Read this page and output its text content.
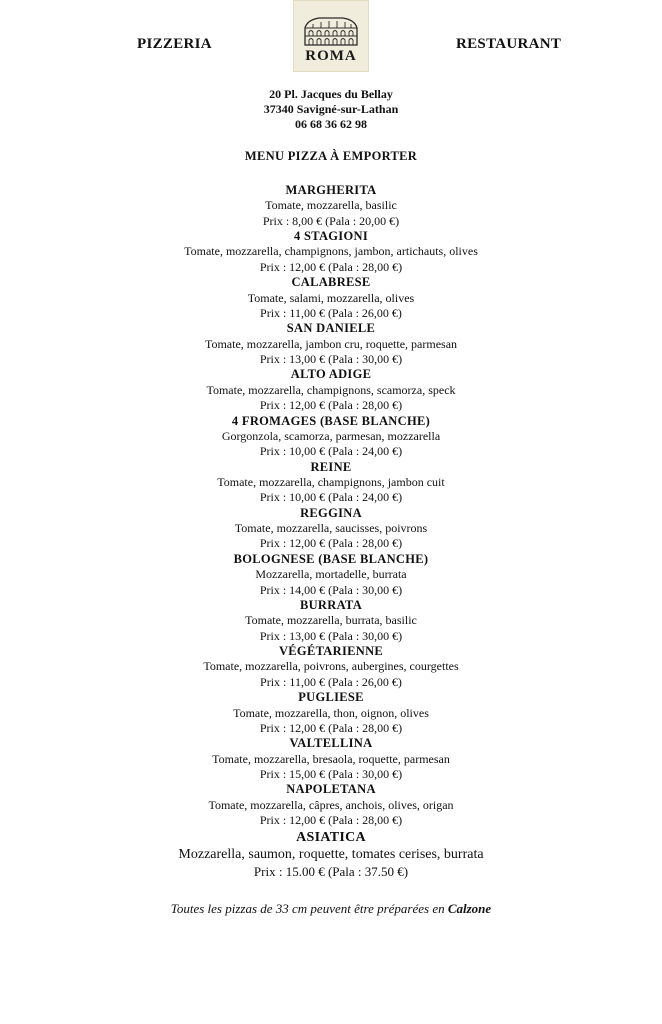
PIZZERIA
ROMA
RESTAURANT
20 Pl. Jacques du Bellay
37340 Savigné-sur-Lathan
06 68 36 62 98
MENU PIZZA À EMPORTER
MARGHERITA
Tomate, mozzarella, basilic
Prix : 8,00 € (Pala : 20,00 €)
4 STAGIONI
Tomate, mozzarella, champignons, jambon, artichauts, olives
Prix : 12,00 € (Pala : 28,00 €)
CALABRESE
Tomate, salami, mozzarella, olives
Prix : 11,00 € (Pala : 26,00 €)
SAN DANIELE
Tomate, mozzarella, jambon cru, roquette, parmesan
Prix : 13,00 € (Pala : 30,00 €)
ALTO ADIGE
Tomate, mozzarella, champignons, scamorza, speck
Prix : 12,00 € (Pala : 28,00 €)
4 FROMAGES (BASE BLANCHE)
Gorgonzola, scamorza, parmesan, mozzarella
Prix : 10,00 € (Pala : 24,00 €)
REINE
Tomate, mozzarella, champignons, jambon cuit
Prix : 10,00 € (Pala : 24,00 €)
REGGINA
Tomate, mozzarella, saucisses, poivrons
Prix : 12,00 € (Pala : 28,00 €)
BOLOGNESE (BASE BLANCHE)
Mozzarella, mortadelle, burrata
Prix : 14,00 € (Pala : 30,00 €)
BURRATA
Tomate, mozzarella, burrata, basilic
Prix : 13,00 € (Pala : 30,00 €)
VÉGÉTARIENNE
Tomate, mozzarella, poivrons, aubergines, courgettes
Prix : 11,00 € (Pala : 26,00 €)
PUGLIESE
Tomate, mozzarella, thon, oignon, olives
Prix : 12,00 € (Pala : 28,00 €)
VALTELLINA
Tomate, mozzarella, bresaola, roquette, parmesan
Prix : 15,00 € (Pala : 30,00 €)
NAPOLETANA
Tomate, mozzarella, câpres, anchois, olives, origan
Prix : 12,00 € (Pala : 28,00 €)
ASIATICA
Mozzarella, saumon, roquette, tomates cerises, burrata
Prix : 15.00 € (Pala : 37.50 €)
Toutes les pizzas de 33 cm peuvent être préparées en Calzone
